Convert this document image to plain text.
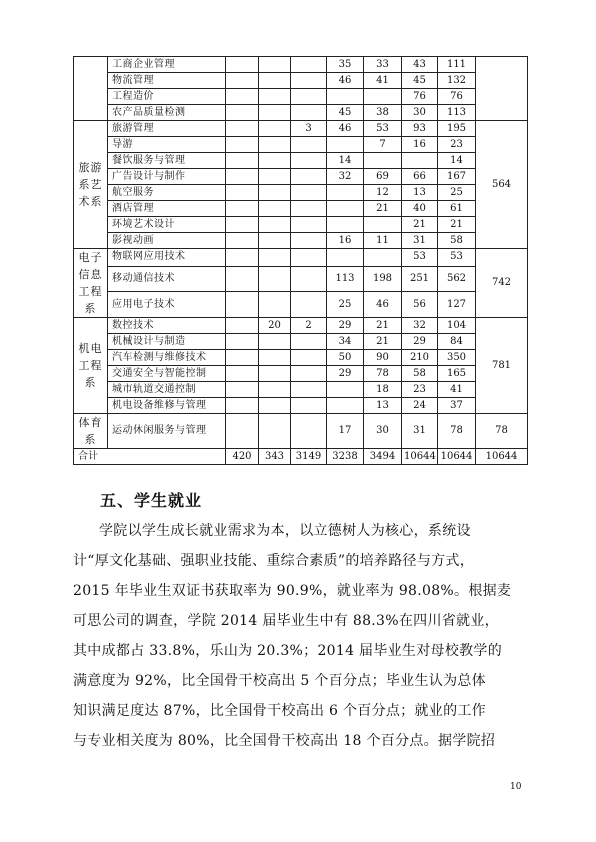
	工商企业管理				35	33	43	111	
	物流管理				46	41	45	132	
	工程造价						76	76	
	农产品质量检测				45	38	30	113	
旅游系艺术系	旅游管理			3	46	53	93	195	564
	导游					7	16	23	
	餐饮服务与管理				14			14	
	广告设计与制作				32	69	66	167	
	航空服务					12	13	25	
	酒店管理					21	40	61	
	环境艺术设计						21	21	
	影视动画				16	11	31	58	
电子信息工程系	物联网应用技术						53	53	742
	移动通信技术				113	198	251	562	
	应用电子技术				25	46	56	127	
机电工程系	数控技术		20	2	29	21	32	104	781
	机械设计与制造				34	21	29	84	
	汽车检测与维修技术				50	90	210	350	
	交通安全与智能控制				29	78	58	165	
	城市轨道交通控制					18	23	41	
	机电设备维修与管理					13	24	37	
体育系	运动休闲服务与管理				17	30	31	78	78
合计		420	343	3149	3238	3494	10644	10644	10644
五、学生就业
学院以学生成长就业需求为本，以立德树人为核心，系统设
计“厚文化基础、强职业技能、重综合素质”的培养路径与方式，
2015 年毕业生双证书获取率为 90.9%，就业率为 98.08%。根据麦
可思公司的调查，学院 2014 届毕业生中有 88.3%在四川省就业，
其中成都占 33.8%，乐山为 20.3%；2014 届毕业生对母校教学的
满意度为 92%，比全国骨干校高出 5 个百分点；毕业生认为总体
知识满足度达 87%，比全国骨干校高出 6 个百分点；就业的工作
与专业相关度为 80%，比全国骨干校高出 18 个百分点。据学院招
10
